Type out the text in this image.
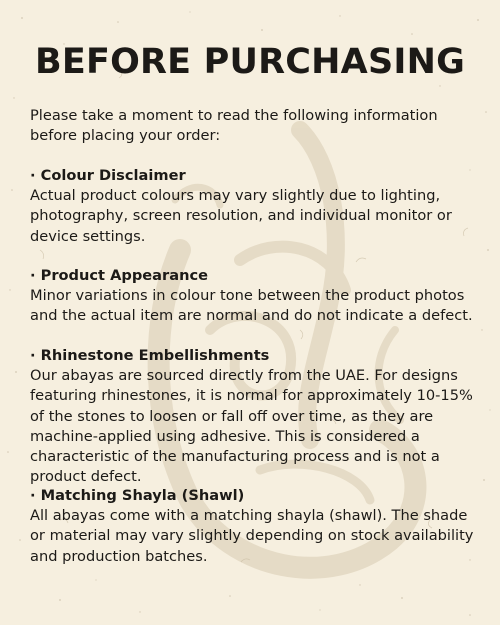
BEFORE PURCHASING

Please take a moment to read the following information before placing your order:

· Colour Disclaimer

Actual product colours may vary slightly due to lighting, photography, screen resolution, and individual monitor or device settings.

· Product Appearance

Minor variations in colour tone between the product photos and the actual item are normal and do not indicate a defect.

· Rhinestone Embellishments

Our abayas are sourced directly from the UAE. For designs featuring rhinestones, it is normal for approximately 10-15% of the stones to loosen or fall off over time, as they are machine-applied using adhesive. This is considered a characteristic of the manufacturing process and is not a product defect.

· Matching Shayla (Shawl)

All abayas come with a matching shayla (shawl). The shade or material may vary slightly depending on stock availability and production batches.
